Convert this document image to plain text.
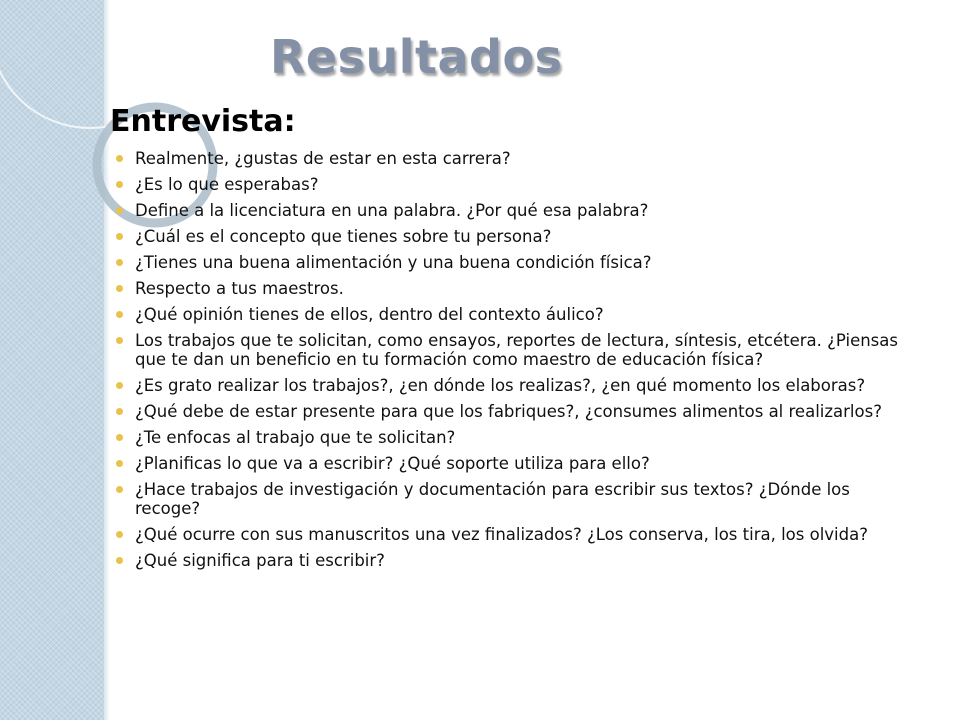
Resultados
Entrevista:
Realmente, ¿gustas de estar en esta carrera?
¿Es lo que esperabas?
Define a la licenciatura en una palabra. ¿Por qué esa palabra?
¿Cuál es el concepto que tienes sobre tu persona?
¿Tienes una buena alimentación y una buena condición física?
Respecto a tus maestros.
¿Qué opinión tienes de ellos, dentro del contexto áulico?
Los trabajos que te solicitan, como ensayos, reportes de lectura, síntesis, etcétera. ¿Piensas que te dan un beneficio en tu formación como maestro de educación física?
¿Es grato realizar los trabajos?, ¿en dónde los realizas?, ¿en qué momento los elaboras?
¿Qué debe de estar presente para que los fabriques?, ¿consumes alimentos al realizarlos?
¿Te enfocas al trabajo que te solicitan?
¿Planificas lo que va a escribir? ¿Qué soporte utiliza para ello?
¿Hace trabajos de investigación y documentación para escribir sus textos? ¿Dónde los recoge?
¿Qué ocurre con sus manuscritos una vez finalizados? ¿Los conserva, los tira, los olvida?
¿Qué significa para ti escribir?
